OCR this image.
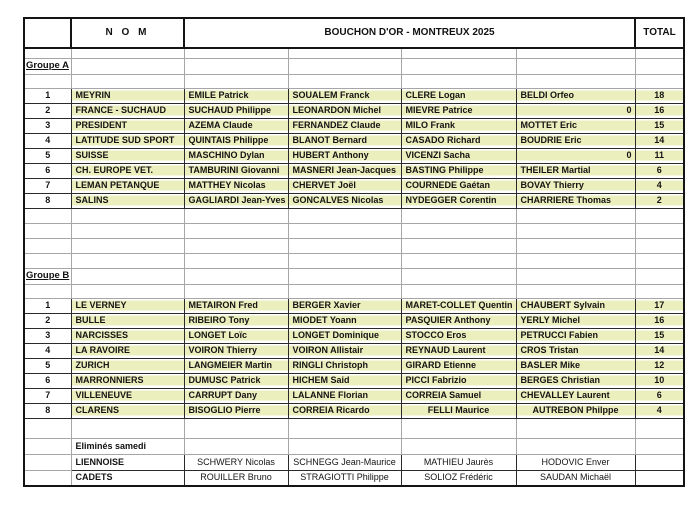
	N O M	BOUCHON D'OR - MONTREUX 2025				TOTAL

Groupe A						

1	MEYRIN	EMILE Patrick	SOUALEM Franck	CLERE Logan	BELDI Orfeo	18
2	FRANCE - SUCHAUD	SUCHAUD Philippe	LEONARDON Michel	MIEVRE Patrice	0	16
3	PRESIDENT	AZEMA Claude	FERNANDEZ Claude	MILO Frank	MOTTET Eric	15
4	LATITUDE SUD SPORT	QUINTAIS Philippe	BLANOT Bernard	CASADO Richard	BOUDRIE Eric	14
5	SUISSE	MASCHINO Dylan	HUBERT Anthony	VICENZI Sacha	0	11
6	CH. EUROPE VET.	TAMBURINI Giovanni	MASNERI Jean-Jacques	BASTING Philippe	THEILER Martial	6
7	LEMAN PETANQUE	MATTHEY Nicolas	CHERVET Joël	COURNEDE Gaétan	BOVAY Thierry	4
8	SALINS	GAGLIARDI Jean-Yves	GONCALVES Nicolas	NYDEGGER Corentin	CHARRIERE Thomas	2

Groupe B						

1	LE VERNEY	METAIRON Fred	BERGER Xavier	MARET-COLLET Quentin	CHAUBERT Sylvain	17
2	BULLE	RIBEIRO Tony	MIODET Yoann	PASQUIER Anthony	YERLY Michel	16
3	NARCISSES	LONGET Loïc	LONGET Dominique	STOCCO Eros	PETRUCCI Fabien	15
4	LA RAVOIRE	VOIRON Thierry	VOIRON Allistair	REYNAUD Laurent	CROS Tristan	14
5	ZURICH	LANGMEIER Martin	RINGLI Christoph	GIRARD Etienne	BASLER Mike	12
6	MARRONNIERS	DUMUSC Patrick	HICHEM Said	PICCI Fabrizio	BERGES Christian	10
7	VILLENEUVE	CARRUPT Dany	LALANNE Florian	CORREIA Samuel	CHEVALLEY Laurent	6
8	CLARENS	BISOGLIO Pierre	CORREIA Ricardo	FELLI Maurice	AUTREBON Philppe	4

	Eliminés samedi					
	LIENNOISE	SCHWERY Nicolas	SCHNEGG Jean-Maurice	MATHIEU Jaurès	HODOVIC Enver	
	CADETS	ROUILLER Bruno	STRAGIOTTI Philippe	SOLIOZ Frédéric	SAUDAN Michaël	
